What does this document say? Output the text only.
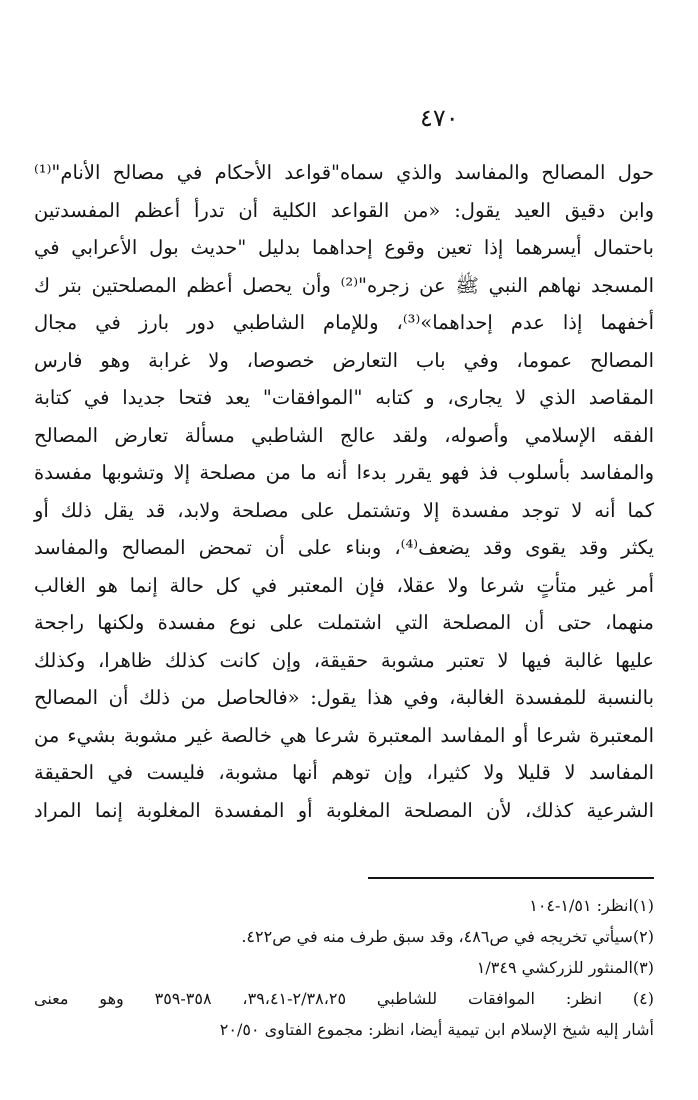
٤٧٠
حول المصالح والمفاسد والذي سماه"قواعد الأحكام في مصالح الأنام"⁽¹⁾
وابن دقيق العيد يقول: «من القواعد الكلية أن تدرأ أعظم المفسدتين
باحتمال أيسرهما إذا تعين وقوع إحداهما بدليل "حديث بول الأعرابي في
المسجد نهاهم النبي ﷺ عن زجره"⁽²⁾ وأن يحصل أعظم المصلحتين بتر ك
أخفهما إذا عدم إحداهما»⁽³⁾، وللإمام الشاطبي دور بارز في مجال
المصالح عموما، وفي باب التعارض خصوصا، ولا غرابة وهو فارس
المقاصد الذي لا يجارى، و كتابه "الموافقات" يعد فتحا جديدا في كتابة
الفقه الإسلامي وأصوله، ولقد عالج الشاطبي مسألة تعارض المصالح
والمفاسد بأسلوب فذ فهو يقرر بدءا أنه ما من مصلحة إلا وتشوبها مفسدة
كما أنه لا توجد مفسدة إلا وتشتمل على مصلحة ولابد، قد يقل ذلك أو
يكثر وقد يقوى وقد يضعف⁽⁴⁾، وبناء على أن تمحض المصالح والمفاسد
أمر غير متأتٍ شرعا ولا عقلا، فإن المعتبر في كل حالة إنما هو الغالب
منهما، حتى أن المصلحة التي اشتملت على نوع مفسدة ولكنها راجحة
عليها غالبة فيها لا تعتبر مشوبة حقيقة، وإن كانت كذلك ظاهرا، وكذلك
بالنسبة للمفسدة الغالبة، وفي هذا يقول: «فالحاصل من ذلك أن المصالح
المعتبرة شرعا أو المفاسد المعتبرة شرعا هي خالصة غير مشوبة بشيء من
المفاسد لا قليلا ولا كثيرا، وإن توهم أنها مشوبة، فليست في الحقيقة
الشرعية كذلك، لأن المصلحة المغلوبة أو المفسدة المغلوبة إنما المراد
(١)انظر: ١/٥١-١٠٤
(٢)سيأتي تخريجه في ص٤٨٦، وقد سبق طرف منه في ص٤٢٢.
(٣)المنثور للزركشي ١/٣٤٩
(٤) انظر: الموافقات للشاطبي ٢/٣٨،٢٥-٣٩،٤١، ٣٥٨-٣٥٩ وهو معنى
أشار إليه شيخ الإسلام ابن تيمية أيضا، انظر: مجموع الفتاوى ٢٠/٥٠
